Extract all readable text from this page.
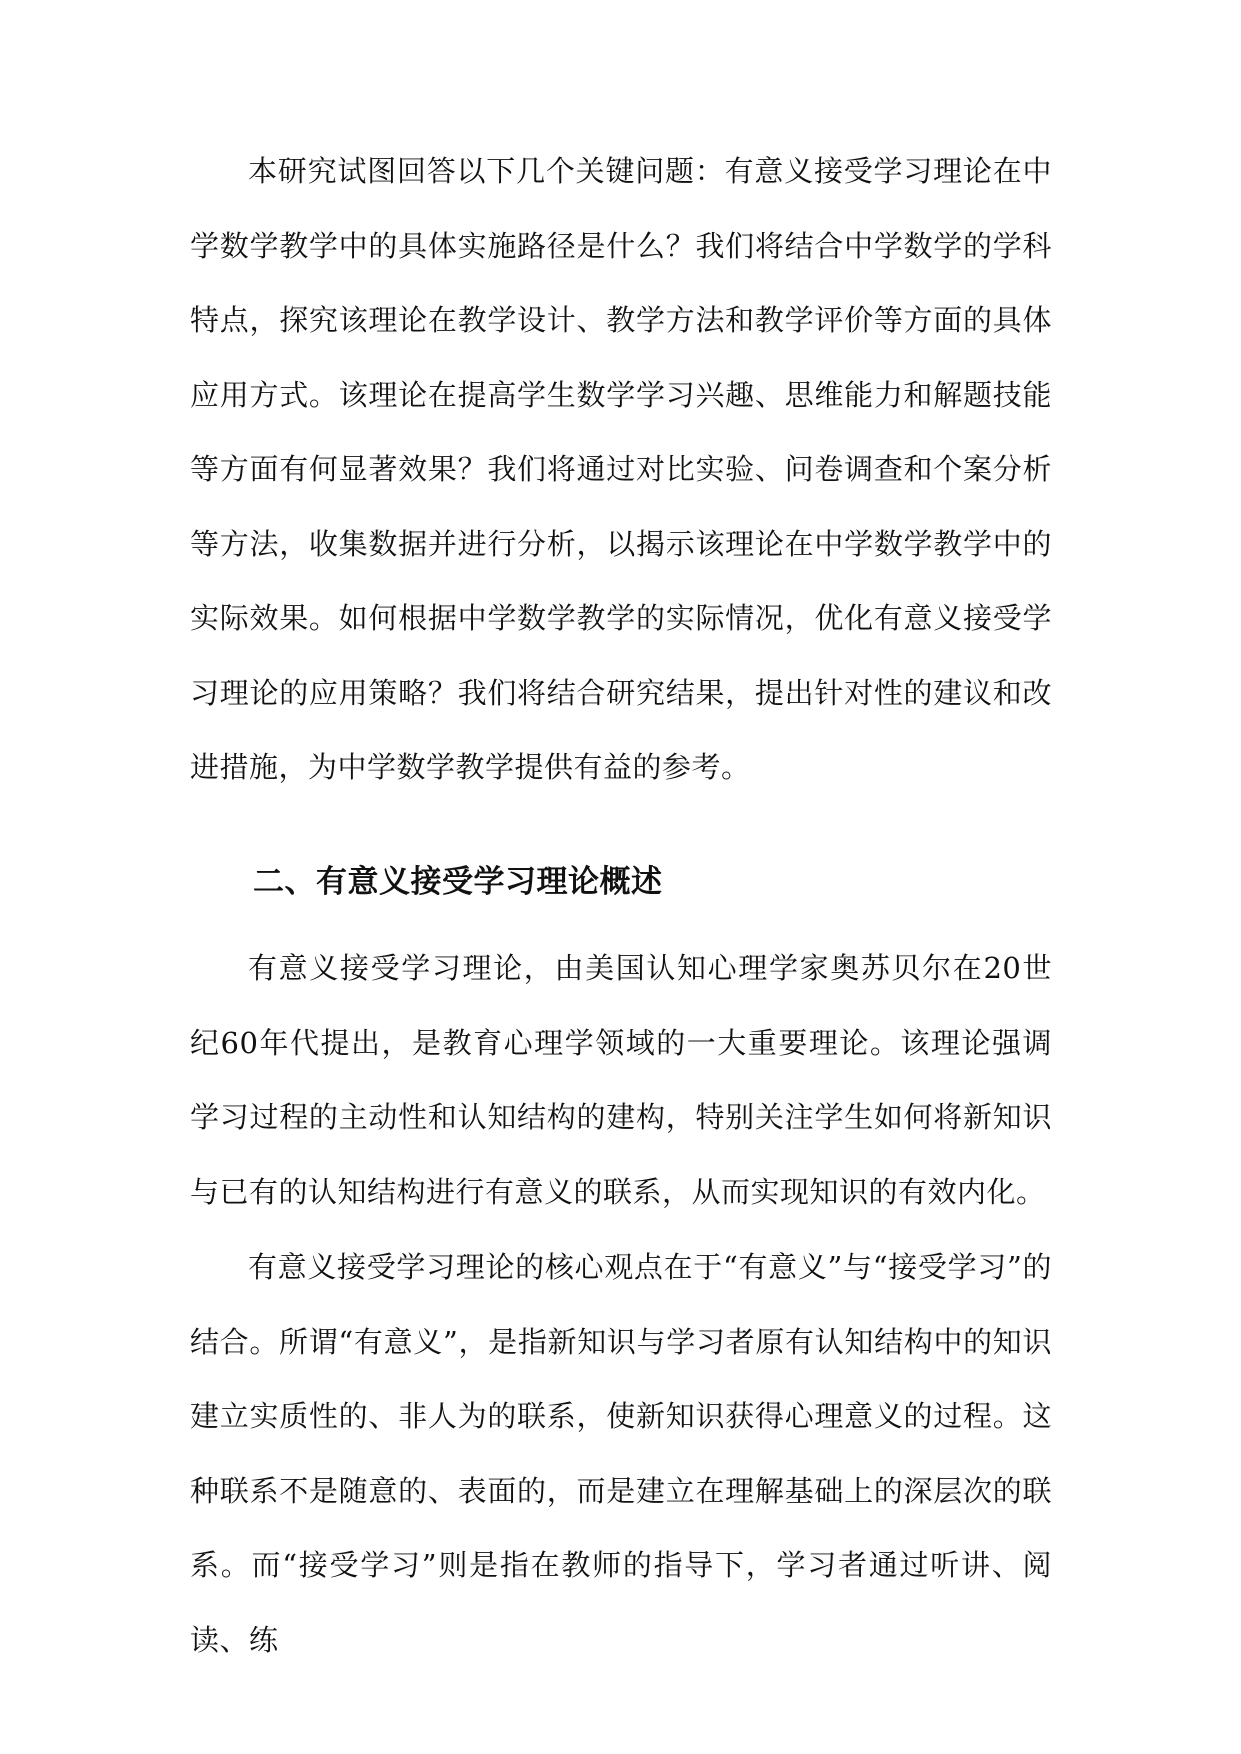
本研究试图回答以下几个关键问题：有意义接受学习理论在中学数学教学中的具体实施路径是什么？我们将结合中学数学的学科特点，探究该理论在教学设计、教学方法和教学评价等方面的具体应用方式。该理论在提高学生数学学习兴趣、思维能力和解题技能等方面有何显著效果？我们将通过对比实验、问卷调查和个案分析等方法，收集数据并进行分析，以揭示该理论在中学数学教学中的实际效果。如何根据中学数学教学的实际情况，优化有意义接受学习理论的应用策略？我们将结合研究结果，提出针对性的建议和改进措施，为中学数学教学提供有益的参考。

二、有意义接受学习理论概述

有意义接受学习理论，由美国认知心理学家奥苏贝尔在20世纪60年代提出，是教育心理学领域的一大重要理论。该理论强调学习过程的主动性和认知结构的建构，特别关注学生如何将新知识与已有的认知结构进行有意义的联系，从而实现知识的有效内化。

有意义接受学习理论的核心观点在于“有意义”与“接受学习”的结合。所谓“有意义”，是指新知识与学习者原有认知结构中的知识建立实质性的、非人为的联系，使新知识获得心理意义的过程。这种联系不是随意的、表面的，而是建立在理解基础上的深层次的联系。而“接受学习”则是指在教师的指导下，学习者通过听讲、阅读、练
